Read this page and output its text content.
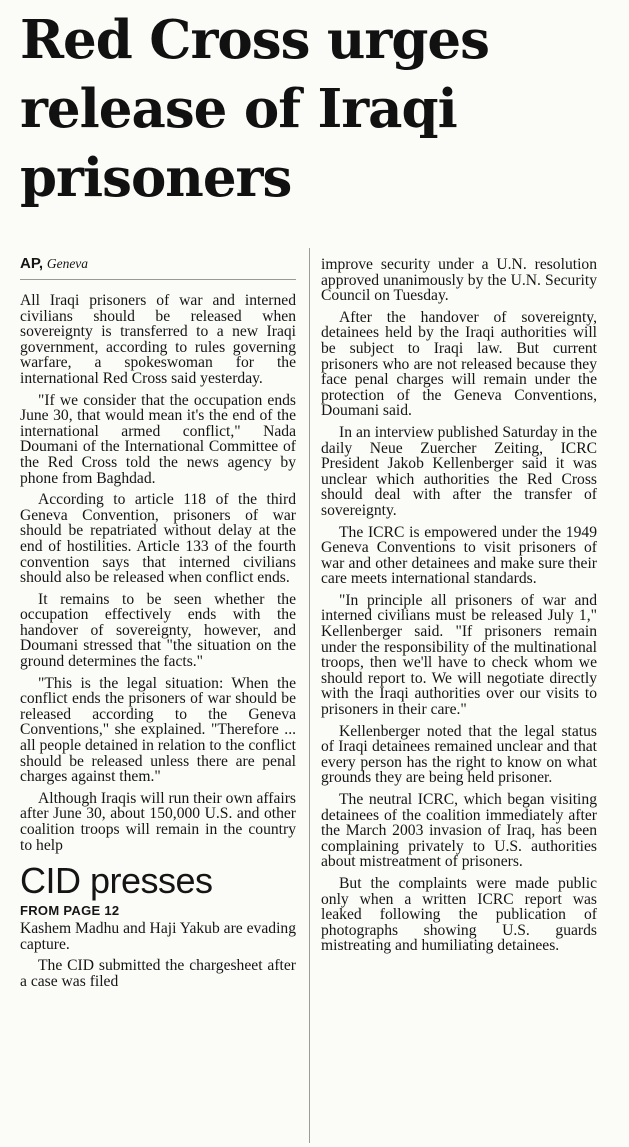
Red Cross urges
release of Iraqi
prisoners
AP, Geneva

All Iraqi prisoners of war and interned civilians should be released when sovereignty is transferred to a new Iraqi government, according to rules governing warfare, a spokeswoman for the international Red Cross said yesterday.

"If we consider that the occupation ends June 30, that would mean it's the end of the international armed conflict," Nada Doumani of the International Committee of the Red Cross told the news agency by phone from Baghdad.

According to article 118 of the third Geneva Convention, prisoners of war should be repatriated without delay at the end of hostilities. Article 133 of the fourth convention says that interned civilians should also be released when conflict ends.

It remains to be seen whether the occupation effectively ends with the handover of sovereignty, however, and Doumani stressed that "the situation on the ground determines the facts."

"This is the legal situation: When the conflict ends the prisoners of war should be released according to the Geneva Conventions," she explained. "Therefore ... all people detained in relation to the conflict should be released unless there are penal charges against them."

Although Iraqis will run their own affairs after June 30, about 150,000 U.S. and other coalition troops will remain in the country to help

CID presses
FROM PAGE 12

Kashem Madhu and Haji Yakub are evading capture.

The CID submitted the chargesheet after a case was filed

improve security under a U.N. resolution approved unanimously by the U.N. Security Council on Tuesday.

After the handover of sovereignty, detainees held by the Iraqi authorities will be subject to Iraqi law. But current prisoners who are not released because they face penal charges will remain under the protection of the Geneva Conventions, Doumani said.

In an interview published Saturday in the daily Neue Zuercher Zeiting, ICRC President Jakob Kellenberger said it was unclear which authorities the Red Cross should deal with after the transfer of sovereignty.

The ICRC is empowered under the 1949 Geneva Conventions to visit prisoners of war and other detainees and make sure their care meets international standards.

"In principle all prisoners of war and interned civilians must be released July 1," Kellenberger said. "If prisoners remain under the responsibility of the multinational troops, then we'll have to check whom we should report to. We will negotiate directly with the Iraqi authorities over our visits to prisoners in their care."

Kellenberger noted that the legal status of Iraqi detainees remained unclear and that every person has the right to know on what grounds they are being held prisoner.

The neutral ICRC, which began visiting detainees of the coalition immediately after the March 2003 invasion of Iraq, has been complaining privately to U.S. authorities about mistreatment of prisoners.

But the complaints were made public only when a written ICRC report was leaked following the publication of photographs showing U.S. guards mistreating and humiliating detainees.
